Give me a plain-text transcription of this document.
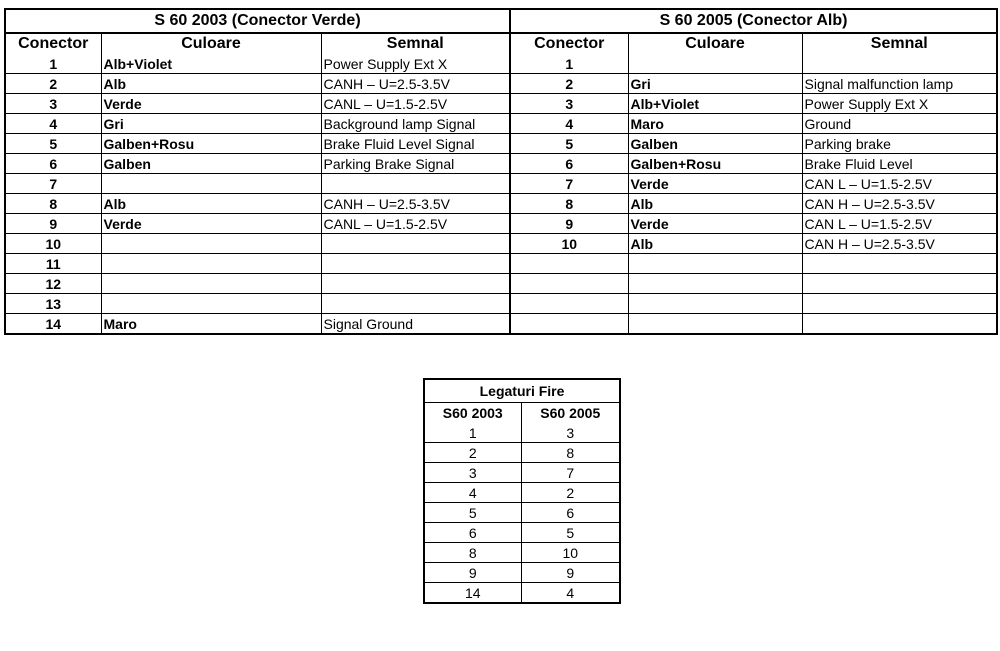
S 60 2003 (Conector Verde)		
Conector	Culoare	Semnal
1	Alb+Violet	Power Supply Ext X
2	Alb	CANH – U=2.5-3.5V
3	Verde	CANL – U=1.5-2.5V
4	Gri	Background lamp Signal
5	Galben+Rosu	Brake Fluid Level Signal
6	Galben	Parking Brake Signal
7		
8	Alb	CANH – U=2.5-3.5V
9	Verde	CANL – U=1.5-2.5V
10		
11		
12		
13		
14	Maro	Signal Ground
S 60 2005 (Conector Alb)		
Conector	Culoare	Semnal
1		
2	Gri	Signal malfunction lamp
3	Alb+Violet	Power Supply Ext X
4	Maro	Ground
5	Galben	Parking brake
6	Galben+Rosu	Brake Fluid Level
7	Verde	CAN L – U=1.5-2.5V
8	Alb	CAN H – U=2.5-3.5V
9	Verde	CAN L – U=1.5-2.5V
10	Alb	CAN H – U=2.5-3.5V

Legaturi Fire	
S60 2003	S60 2005
1	3
2	8
3	7
4	2
5	6
6	5
8	10
9	9
14	4
